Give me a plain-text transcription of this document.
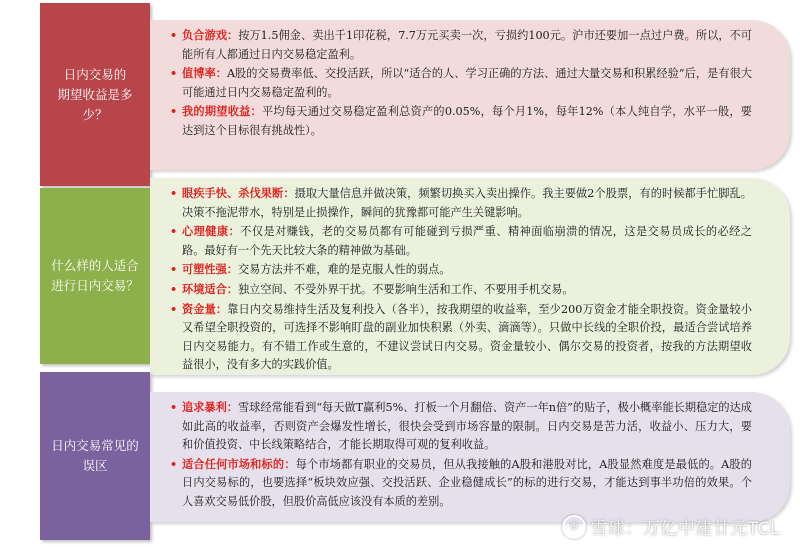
日内交易的
期望收益是多少？
• 负合游戏：按万1.5佣金、卖出千1印花税，7.7万元买卖一次，亏损约100元。沪市还要加一点过户费。所以，不可能所有人都通过日内交易稳定盈利。
• 值博率：A股的交易费率低、交投活跃，所以“适合的人、学习正确的方法、通过大量交易和积累经验”后，是有很大可能通过日内交易稳定盈利的。
• 我的期望收益：平均每天通过交易稳定盈利总资产的0.05%，每个月1%，每年12%（本人纯自学，水平一般，要达到这个目标很有挑战性）。
什么样的人适合
进行日内交易？
• 眼疾手快、杀伐果断：摄取大量信息并做决策，频繁切换买入卖出操作。我主要做2个股票，有的时候都手忙脚乱。决策不拖泥带水，特别是止损操作，瞬间的犹豫都可能产生关键影响。
• 心理健康：不仅是对赚钱，老的交易员都有可能碰到亏损严重、精神面临崩溃的情况，这是交易员成长的必经之路。最好有一个先天比较大条的精神做为基础。
• 可塑性强：交易方法并不难，难的是克服人性的弱点。
• 环境适合：独立空间、不受外界干扰。不要影响生活和工作、不要用手机交易。
• 资金量：靠日内交易维持生活及复利投入（各半），按我期望的收益率，至少200万资金才能全职投资。资金量较小又希望全职投资的，可选择不影响盯盘的副业加快积累（外卖、滴滴等）。只做中长线的全职价投，最适合尝试培养日内交易能力。有不错工作或生意的，不建议尝试日内交易。资金量较小、偶尔交易的投资者，按我的方法期望收益很小，没有多大的实践价值。
日内交易常见的
误区
• 追求暴利：雪球经常能看到“每天做T赢利5%、打板一个月翻倍、资产一年n倍”的贴子，极小概率能长期稳定的达成如此高的收益率，否则资产会爆发性增长，很快会受到市场容量的限制。日内交易是苦力活，收益小、压力大，要和价值投资、中长线策略结合，才能长期取得可观的复利收益。
• 适合任何市场和标的：每个市场都有职业的交易员，但从我接触的A股和港股对比，A股显然难度是最低的。A股的日内交易标的，也要选择“板块效应强、交投活跃、企业稳健成长”的标的进行交易，才能达到事半功倍的效果。个人喜欢交易低价股，但股价高低应该没有本质的差别。
❄ 雪球：万亿中建廿元TCL
